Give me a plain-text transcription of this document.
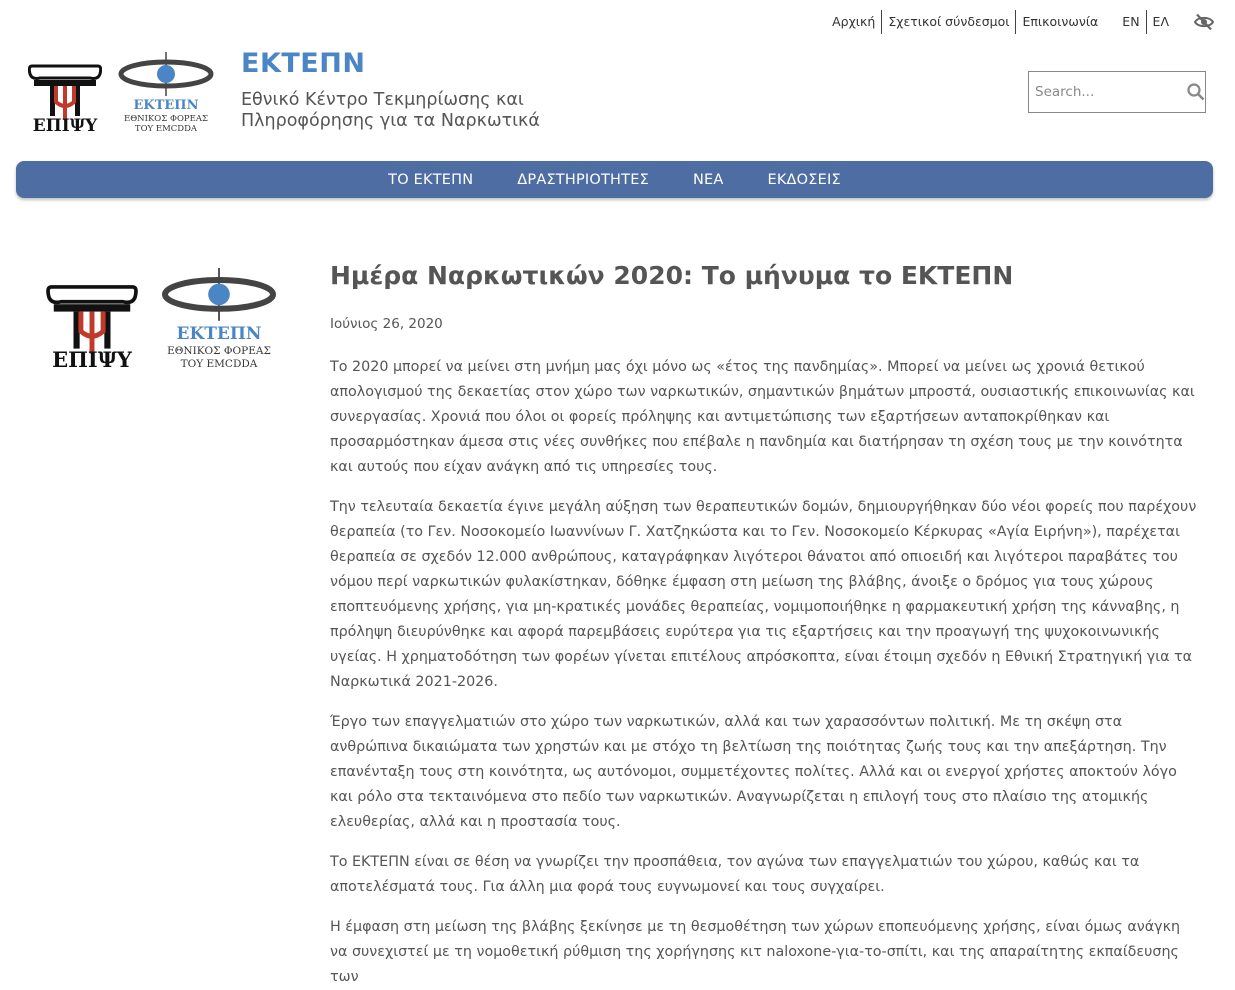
Αρχική	Σχετικοί σύνδεσμοι	Επικοινωνία	EN	ΕΛ
ΕΠΙΨΥ
ΕΚΤΕΠΝ
ΕΘΝΙΚΟΣ ΦΟΡΕΑΣ
ΤΟΥ EMCDDA
ΕΚΤΕΠΝ
Εθνικό Κέντρο Τεκμηρίωσης και
Πληροφόρησης για τα Ναρκωτικά
Search...
ΤΟ ΕΚΤΕΠΝ	ΔΡΑΣΤΗΡΙΟΤΗΤΕΣ	ΝΕΑ	ΕΚΔΟΣΕΙΣ
ΕΠΙΨΥ
ΕΚΤΕΠΝ
ΕΘΝΙΚΟΣ ΦΟΡΕΑΣ
ΤΟΥ EMCDDA
Ημέρα Ναρκωτικών 2020: Το μήνυμα το ΕΚΤΕΠΝ
Ιούνιος 26, 2020

Το 2020 μπορεί να μείνει στη μνήμη μας όχι μόνο ως «έτος της πανδημίας». Μπορεί να μείνει ως χρονιά θετικού απολογισμού της δεκαετίας στον χώρο των ναρκωτικών, σημαντικών βημάτων μπροστά, ουσιαστικής επικοινωνίας και συνεργασίας. Χρονιά που όλοι οι φορείς πρόληψης και αντιμετώπισης των εξαρτήσεων ανταποκρίθηκαν και προσαρμόστηκαν άμεσα στις νέες συνθήκες που επέβαλε η πανδημία και διατήρησαν τη σχέση τους με την κοινότητα και αυτούς που είχαν ανάγκη από τις υπηρεσίες τους.

Την τελευταία δεκαετία έγινε μεγάλη αύξηση των θεραπευτικών δομών, δημιουργήθηκαν δύο νέοι φορείς που παρέχουν θεραπεία (το Γεν. Νοσοκομείο Ιωαννίνων Γ. Χατζηκώστα και το Γεν. Νοσοκομείο Κέρκυρας «Αγία Ειρήνη»), παρέχεται θεραπεία σε σχεδόν 12.000 ανθρώπους, καταγράφηκαν λιγότεροι θάνατοι από οπιοειδή και λιγότεροι παραβάτες του νόμου περί ναρκωτικών φυλακίστηκαν, δόθηκε έμφαση στη μείωση της βλάβης, άνοιξε ο δρόμος για τους χώρους εποπτευόμενης χρήσης, για μη-κρατικές μονάδες θεραπείας, νομιμοποιήθηκε η φαρμακευτική χρήση της κάνναβης, η πρόληψη διευρύνθηκε και αφορά παρεμβάσεις ευρύτερα για τις εξαρτήσεις και την προαγωγή της ψυχοκοινωνικής υγείας. Η χρηματοδότηση των φορέων γίνεται επιτέλους απρόσκοπτα, είναι έτοιμη σχεδόν η Εθνική Στρατηγική για τα Ναρκωτικά 2021-2026.

Έργο των επαγγελματιών στο χώρο των ναρκωτικών, αλλά και των χαρασσόντων πολιτική. Με τη σκέψη στα ανθρώπινα δικαιώματα των χρηστών και με στόχο τη βελτίωση της ποιότητας ζωής τους και την απεξάρτηση. Την επανένταξη τους στη κοινότητα, ως αυτόνομοι, συμμετέχοντες πολίτες. Αλλά και οι ενεργοί χρήστες αποκτούν λόγο και ρόλο στα τεκταινόμενα στο πεδίο των ναρκωτικών. Αναγνωρίζεται η επιλογή τους στο πλαίσιο της ατομικής ελευθερίας, αλλά και η προστασία τους.

Το ΕΚΤΕΠΝ είναι σε θέση να γνωρίζει την προσπάθεια, τον αγώνα των επαγγελματιών του χώρου, καθώς και τα αποτελέσματά τους. Για άλλη μια φορά τους ευγνωμονεί και τους συγχαίρει.

Η έμφαση στη μείωση της βλάβης ξεκίνησε με τη θεσμοθέτηση των χώρων εποπευόμενης χρήσης, είναι όμως ανάγκη να συνεχιστεί με τη νομοθετική ρύθμιση της χορήγησης κιτ naloxone-για-το-σπίτι, και της απαραίτητης εκπαίδευσης των
